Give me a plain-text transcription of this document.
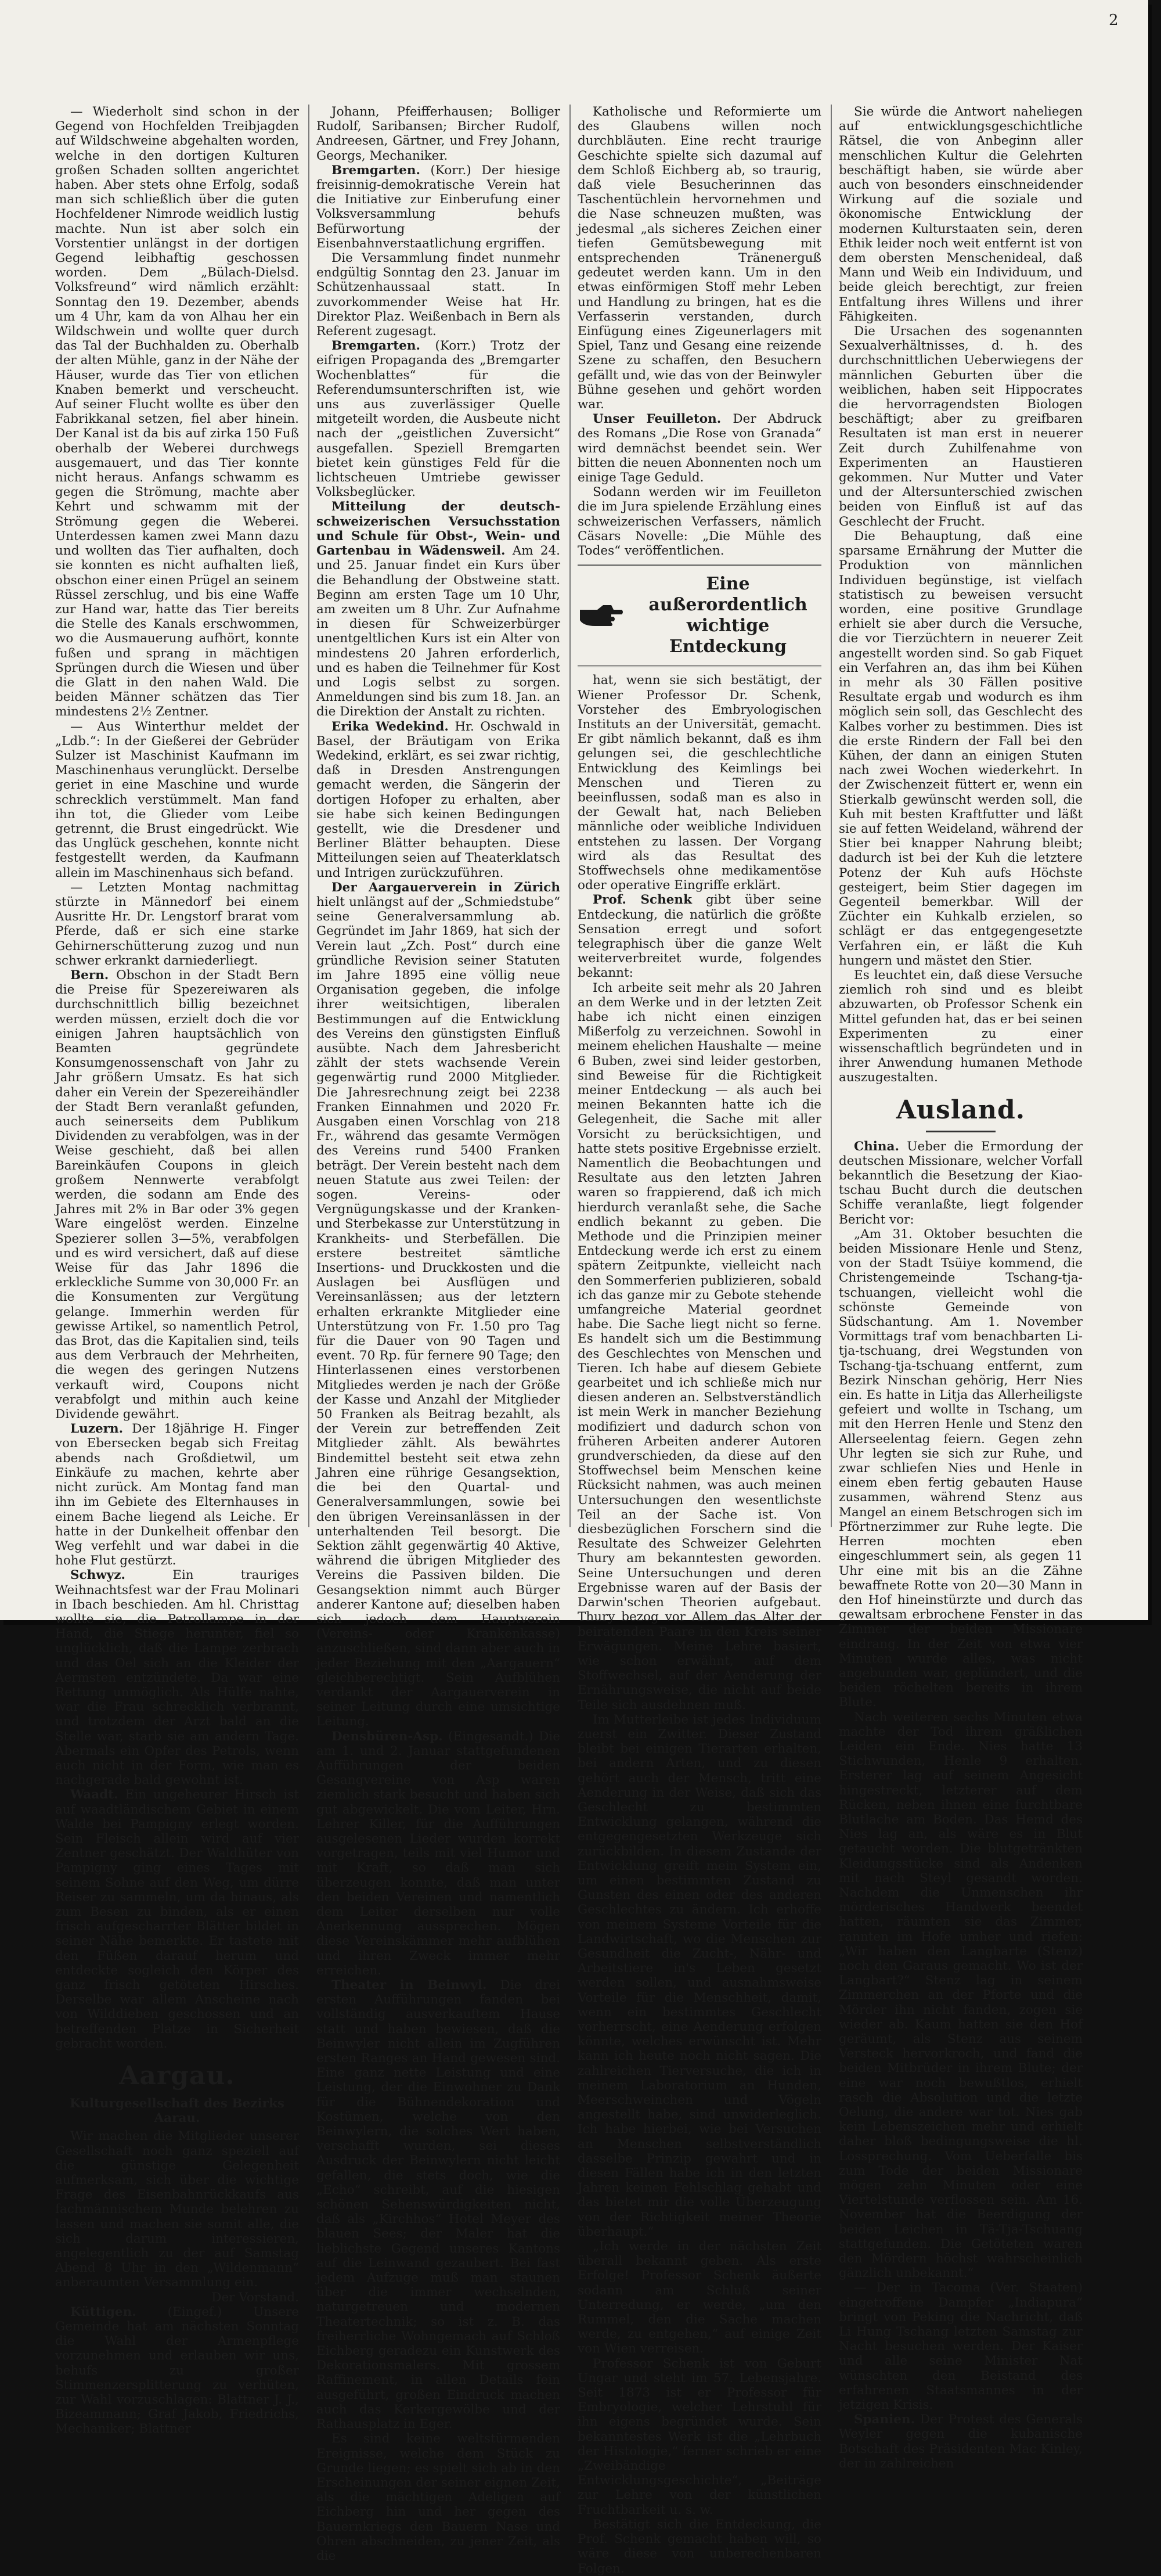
2

— Wiederholt sind schon in der Gegend von Hochfelden Treibjagden auf Wildschweine abgehalten worden, welche in den dortigen Kulturen großen Schaden sollten angerichtet haben. Aber stets ohne Erfolg, sodaß man sich schließlich über die guten Hochfeldener Nimrode weidlich lustig machte. Nun ist aber solch ein Vorstentier unlängst in der dortigen Gegend leibhaftig geschossen worden. Dem „Bülach-Dielsd. Volksfreund“ wird nämlich erzählt: Sonntag den 19. Dezember, abends um 4 Uhr, kam da von Alhau her ein Wildschwein und wollte quer durch das Tal der Buchhalden zu. Oberhalb der alten Mühle, ganz in der Nähe der Häuser, wurde das Tier von etlichen Knaben bemerkt und verscheucht. Auf seiner Flucht wollte es über den Fabrikkanal setzen, fiel aber hinein. Der Kanal ist da bis auf zirka 150 Fuß oberhalb der Weberei durchwegs ausgemauert, und das Tier konnte nicht heraus. Anfangs schwamm es gegen die Strömung, machte aber Kehrt und schwamm mit der Strömung gegen die Weberei. Unterdessen kamen zwei Mann dazu und wollten das Tier aufhalten, doch sie konnten es nicht aufhalten ließ, obschon einer einen Prügel an seinem Rüssel zerschlug, und bis eine Waffe zur Hand war, hatte das Tier bereits die Stelle des Kanals erschwommen, wo die Ausmauerung aufhört, konnte fußen und sprang in mächtigen Sprüngen durch die Wiesen und über die Glatt in den nahen Wald. Die beiden Männer schätzen das Tier mindestens 2½ Zentner.

— Aus Winterthur meldet der „Ldb.“: In der Gießerei der Gebrüder Sulzer ist Maschinist Kaufmann im Maschinenhaus verunglückt. Derselbe geriet in eine Maschine und wurde schrecklich verstümmelt. Man fand ihn tot, die Glieder vom Leibe getrennt, die Brust eingedrückt. Wie das Unglück geschehen, konnte nicht festgestellt werden, da Kaufmann allein im Maschinenhaus sich befand.

— Letzten Montag nachmittag stürzte in Männedorf bei einem Ausritte Hr. Dr. Lengstorf brarat vom Pferde, daß er sich eine starke Gehirnerschütterung zuzog und nun schwer erkrankt darniederliegt.

Bern. Obschon in der Stadt Bern die Preise für Spezereiwaren als durchschnittlich billig bezeichnet werden müssen, erzielt doch die vor einigen Jahren hauptsächlich von Beamten gegründete Konsumgenossenschaft von Jahr zu Jahr größern Umsatz. Es hat sich daher ein Verein der Spezereihändler der Stadt Bern veranlaßt gefunden, auch seinerseits dem Publikum Dividenden zu verabfolgen, was in der Weise geschieht, daß bei allen Bareinkäufen Coupons in gleich großem Nennwerte verabfolgt werden, die sodann am Ende des Jahres mit 2% in Bar oder 3% gegen Ware eingelöst werden. Einzelne Spezierer sollen 3—5%, verabfolgen und es wird versichert, daß auf diese Weise für das Jahr 1896 die erkleckliche Summe von 30,000 Fr. an die Konsumenten zur Vergütung gelange. Immerhin werden für gewisse Artikel, so namentlich Petrol, das Brot, das die Kapitalien sind, teils aus dem Verbrauch der Mehrheiten, die wegen des geringen Nutzens verkauft wird, Coupons nicht verabfolgt und mithin auch keine Dividende gewährt.

Luzern. Der 18jährige H. Finger von Ebersecken begab sich Freitag abends nach Großdietwil, um Einkäufe zu machen, kehrte aber nicht zurück. Am Montag fand man ihn im Gebiete des Elternhauses in einem Bache liegend als Leiche. Er hatte in der Dunkelheit offenbar den Weg verfehlt und war dabei in die hohe Flut gestürzt.

Schwyz.	Ein trauriges Weihnachtsfest war der Frau Molinari in Ibach beschieden. Am hl. Christtag wollte sie, die Petrollampe in der Hand, die Stiege herunter, fiel so unglücklich, daß die Lampe zerbrach und das Oel sich an die Kleider der Aermsten entzündete. Da war eine Rettung unmöglich. Als Hülfe nahte, war die Frau schrecklich verbrannt, und trotzdem der Arzt bald an die Stelle war, starb sie am andern Tage. Abermals ein Opfer des Petrols, wenn auch nicht in der Form, wie man es nachgerade bald gewohnt ist.

Waadt. Ein ungeheurer Hirsch ist auf waadtländischem Gebiet in einem Walde bei Pampigny erlegt worden. Sein Fleisch allein wird auf vier Zentner geschätzt. Der Waldhüter von Pampigny ging eines Tages mit seinem Sohne auf den Weg, um dürre Reiser zu sammeln, um da hinaus, als zum Besen zu binden, als er einen frisch aufgescharrter Blätter bildet in seiner Nähe bemerkte. Er tastete mit den Füßen darauf herum und entdeckte sogleich den Körper des ganz frisch getöteten Hirsches. Derselbe war allem Anscheine nach von Wilddieben geschossen und an betreffenden Platze in Sicherheit gebracht worden.

Aargau.
Kulturgesellschaft des Bezirks Aarau.

Wir machen die Mitglieder unserer Gesellschaft noch ganz speziell auf die günstige Gelegenheit aufmerksam, sich über die wichtige Frage des Eisenbahnrückkaufs aus fachmännischem Munde belehren zu lassen und machen sie somit alle, die sich darum interessieren, angelegentlich zu der auf Samstag Abend 8 Uhr in den „Wildenmann“ anberaumten Versammlung ein.

Der Vorstand.

Küttigen.	(Eingef.) Unsere Gemeinde hat am nächsten Sonntag die Wahl der Armenpflege vorzunehmen und erlauben wir uns, behufs zu großer Stimmenzersplitterung zu verhüten, zur Wahl vorzuschlagen: Blattner J. J., Bizeammann; Graf Jakob, Friedrichs, Mechaniker; Blattner

Johann, Pfeifferhausen; Bolliger Rudolf, Saribansen; Bircher Rudolf, Andreesen, Gärtner, und Frey Johann, Georgs, Mechaniker.

Bremgarten. (Korr.) Der hiesige freisinnig-demokratische Verein hat die Initiative zur Einberufung einer Volksversammlung behufs Befürwortung der Eisenbahnverstaatlichung ergriffen.

Die Versammlung findet nunmehr endgültig Sonntag den 23. Januar im Schützenhaussaal statt. In zuvorkommender Weise hat Hr. Direktor Plaz. Weißenbach in Bern als Referent zugesagt.

Bremgarten. (Korr.) Trotz der eifrigen Propaganda des „Bremgarter Wochenblattes“ für die Referendumsunterschriften ist, wie uns aus zuverlässiger Quelle mitgeteilt worden, die Ausbeute nicht nach der „geistlichen Zuversicht“ ausgefallen. Speziell Bremgarten bietet kein günstiges Feld für die lichtscheuen Umtriebe gewisser Volksbeglücker.

Mitteilung der deutsch-schweizerischen Versuchsstation und Schule für Obst-, Wein- und Gartenbau in Wädensweil. Am 24. und 25. Januar findet ein Kurs über die Behandlung der Obstweine statt. Beginn am ersten Tage um 10 Uhr, am zweiten um 8 Uhr. Zur Aufnahme in diesen für Schweizerbürger unentgeltlichen Kurs ist ein Alter von mindestens 20 Jahren erforderlich, und es haben die Teilnehmer für Kost und Logis selbst zu sorgen. Anmeldungen sind bis zum 18. Jan. an die Direktion der Anstalt zu richten.

Erika Wedekind. Hr. Oschwald in Basel, der Bräutigam von Erika Wedekind, erklärt, es sei zwar richtig, daß in Dresden Anstrengungen gemacht werden, die Sängerin der dortigen Hofoper zu erhalten, aber sie habe sich keinen Bedingungen gestellt, wie die Dresdener und Berliner Blätter behaupten. Diese Mitteilungen seien auf Theaterklatsch und Intrigen zurückzuführen.

Der Aargauerverein in Zürich hielt unlängst auf der „Schmiedstube“ seine Generalversammlung ab. Gegründet im Jahr 1869, hat sich der Verein laut „Zch. Post“ durch eine gründliche Revision seiner Statuten im Jahre 1895 eine völlig neue Organisation gegeben, die infolge ihrer weitsichtigen, liberalen Bestimmungen auf die Entwicklung des Vereins den günstigsten Einfluß ausübte. Nach dem Jahresbericht zählt der stets wachsende Verein gegenwärtig rund 2000 Mitglieder. Die Jahresrechnung zeigt bei 2238 Franken Einnahmen und 2020 Fr. Ausgaben einen Vorschlag von 218 Fr., während das gesamte Vermögen des Vereins rund 5400 Franken beträgt. Der Verein besteht nach dem neuen Statute aus zwei Teilen: der sogen. Vereins- oder Vergnügungskasse und der Kranken- und Sterbekasse zur Unterstützung in Krankheits- und Sterbefällen. Die erstere bestreitet sämtliche Insertions- und Druckkosten und die Auslagen bei Ausflügen und Vereinsanlässen; aus der letztern erhalten erkrankte Mitglieder eine Unterstützung von Fr. 1.50 pro Tag für die Dauer von 90 Tagen und event. 70 Rp. für fernere 90 Tage; den Hinterlassenen eines verstorbenen Mitgliedes werden je nach der Größe der Kasse und Anzahl der Mitglieder 50 Franken als Beitrag bezahlt, als der Verein zur betreffenden Zeit Mitglieder zählt. Als bewährtes Bindemittel besteht seit etwa zehn Jahren eine rührige Gesangsektion, die bei den Quartal- und Generalversammlungen, sowie bei den übrigen Vereinsanlässen in der unterhaltenden Teil besorgt. Die Sektion zählt gegenwärtig 40 Aktive, während die übrigen Mitglieder des Vereins die Passiven bilden. Die Gesangsektion nimmt auch Bürger anderer Kantone auf; dieselben haben sich jedoch dem Hauptverein (Vereins- oder Krankenkasse) anzuschließen, sind dann aber auch in jeder Beziehung mit den „Aargauern“ gleichberechtigt. Sein Aufblühen verdankt der Aargauerverein in seiner Leitung durch eine umsichtige Leitung.

Densbüren-Asp. (Eingesandt.) Die am 1. und 2. Januar stattgefundenen Aufführungen der beiden Gesangvereine von Asp waren ziemlich stark besucht und haben sich gut abgewickelt. Die vom Leiter, Hrn. Lehrer Killer, für die Aufführungen ausgelesenen Lieder wurden korrekt vorgetragen, teils mit viel Humor und mit Kraft, so daß man sich überzeugen konnte, daß man unter den beiden Vereinen und namentlich dem Leiter derselben nur volle Anerkennung aussprechen. Mögen diese Vereinskämmer mehr aufblühen und ihren Zweck immer mehr erreichen.

Theater in Beinwyl. Die drei ersten Aufführungen fanden bei vollständig ausverkauftem Hause statt und haben bewiesen, daß die Beinwyler nicht allein im Zugführen ersten Ranges an Hand gewesen sind. Eine ganz nette Leistung und eine Leistung, der die Einwohner zu Dank für die Bühnendekoration und Kostümen, welche von den Beinwylern, die solches Wert haben, verschafft wurden, sei dieses Ausdruck der Beinwylern nicht leicht gefallen, die stets doch, wie die „Echo“ schreibt, auf die hiesigen schönen Sehenswürdigkeiten nicht, daß als „Kirchhos“ Hotel Meyer des blauen Sees; der Maler hat die lieblichste Gegend unseres Kantons auf die Leinwand gezaubert. Bei fast jedem Aufzuge muß man staunen über die immer wechselnden, naturgetreuen und modernen Theatertechnik; so ist z. B. das freiherrliche Wohngemach auf Schloß Eichberg geradezu ein Kunstwerk des Dekorationsmalers. Mit grossem Raffinement, in allen Details fein ausgeführt, großen Eindruck machen auch das Kerkergewölbe und der Rathausplatz in Eger.

Es sind keine weltstürmenden Ereignisse, welche dem Stück zu Grunde liegen; es spielt sich ab in den Erscheinungen der seiner eignen Zeit, als die mächtigen Adeligen auf Eichberg hin und her gegen des Bauernkriegs den Bauern Nase und Ohren abschneiden, zu jener Zeit, als die

Katholische und Reformierte um des Glaubens willen noch durchbläuten. Eine recht traurige Geschichte spielte sich dazumal auf dem Schloß Eichberg ab, so traurig, daß viele Besucherinnen das Taschentüchlein hervornehmen und die Nase schneuzen mußten, was jedesmal „als sicheres Zeichen einer tiefen Gemütsbewegung mit entsprechenden Tränenerguß gedeutet werden kann. Um in den etwas einförmigen Stoff mehr Leben und Handlung zu bringen, hat es die Verfasserin verstanden, durch Einfügung eines Zigeunerlagers mit Spiel, Tanz und Gesang eine reizende Szene zu schaffen, den Besuchern gefällt und, wie das von der Beinwyler Bühne gesehen und gehört worden war.

Unser Feuilleton. Der Abdruck des Romans „Die Rose von Granada“ wird demnächst beendet sein. Wer bitten die neuen Abonnenten noch um einige Tage Geduld.

Sodann werden wir im Feuilleton die im Jura spielende Erzählung eines schweizerischen Verfassers, nämlich Cäsars Novelle: „Die Mühle des Todes“ veröffentlichen.

Eine außerordentlich wichtige Entdeckung

hat, wenn sie sich bestätigt, der Wiener Professor Dr. Schenk, Vorsteher des Embryologischen Instituts an der Universität, gemacht. Er gibt nämlich bekannt, daß es ihm gelungen sei, die geschlechtliche Entwicklung des Keimlings bei Menschen und Tieren zu beeinflussen, sodaß man es also in der Gewalt hat, nach Belieben männliche oder weibliche Individuen entstehen zu lassen. Der Vorgang wird als das Resultat des Stoffwechsels ohne medikamentöse oder operative Eingriffe erklärt.

Prof. Schenk gibt über seine Entdeckung, die natürlich die größte Sensation erregt und sofort telegraphisch über die ganze Welt weiterverbreitet wurde, folgendes bekannt:

Ich arbeite seit mehr als 20 Jahren an dem Werke und in der letzten Zeit habe ich nicht einen einzigen Mißerfolg zu verzeichnen. Sowohl in meinem ehelichen Haushalte — meine 6 Buben, zwei sind leider gestorben, sind Beweise für die Richtigkeit meiner Entdeckung — als auch bei meinen Bekannten hatte ich die Gelegenheit, die Sache mit aller Vorsicht zu berücksichtigen, und hatte stets positive Ergebnisse erzielt. Namentlich die Beobachtungen und Resultate aus den letzten Jahren waren so frappierend, daß ich mich hierdurch veranlaßt sehe, die Sache endlich bekannt zu geben. Die Methode und die Prinzipien meiner Entdeckung werde ich erst zu einem spätern Zeitpunkte, vielleicht nach den Sommerferien publizieren, sobald ich das ganze mir zu Gebote stehende umfangreiche Material geordnet habe. Die Sache liegt nicht so ferne. Es handelt sich um die Bestimmung des Geschlechtes von Menschen und Tieren. Ich habe auf diesem Gebiete gearbeitet und ich schließe mich nur diesen anderen an. Selbstverständlich ist mein Werk in mancher Beziehung modifiziert und dadurch schon von früheren Arbeiten anderer Autoren grundverschieden, da diese auf den Stoffwechsel beim Menschen keine Rücksicht nahmen, was auch meinen Untersuchungen den wesentlichste Teil an der Sache ist. Von diesbezüglichen Forschern sind die Resultate des Schweizer Gelehrten Thury am bekanntesten geworden. Seine Untersuchungen und deren Ergebnisse waren auf der Basis der Darwin'schen Theorien aufgebaut. Thury bezog vor Allem das Alter der beiratenden Paare in den Kreis seiner Erwägungen. Meine Lehre basiert, wie schon erwähnt, auf dem Stoffwechsel, auf der Aenderung der Ernährungsweise, die nicht auf beide Teile sich ausdehnen muß.

Im Mutterleibe ist jedes Individuum zuerst ein Zwitter. Dieser Zustand bleibt bei einigen Tierarten erhalten, bei andern Arten, und zu diesen gehört auch der Mensch, tritt eine Aenderung in der Weise, daß sich das Geschlecht zu bestimmten Entwicklung gelangen, während die entgegengesetzten Werkzeuge sich zurückbilden. In diesem Zustande der Entwicklung greift mein System ein, um einen bestimmten Zustand zu Gunsten des einen oder des anderen Geschlechtes zu ändern. Ich erhoffe von meinem Systeme Vorteile für die Landwirtschaft, wo die Menschen zur Gesundheit die Zucht-, Nähr- und Arbeitstiere in's Leben gesetzt werden sollen, und ausnahmsweise Vorteile für die Menschheit, damit, wenn ein bestimmtes Geschlecht vorherrscht, eine Aenderung erfolgen könnte, welches erwünscht ist. Mehr kann ich heute noch nicht sagen. Die zahlreichen Tierversuche, die ich in meinem Laboratorium an Hunden, Meerschweinchen und Vögeln angestellt habe, sind unwiderleglich. Ich habe hierbei, wie bei Versuchen an Menschen selbstverständlich dasselbe Prinzip gewahrt und in diesen Fällen habe ich in den letzten Jahren keinen Fehlschlag gehabt und das bietet mir die volle Überzeugung von der Richtigkeit meiner Theorie überhaupt.“

„Ich werde in der nächsten Zeit überall bekannt geben. Als erste Erfolge! Professor Schenk äußerte sodann am Schluß seiner Unterredung, er werde, „um den Rummel, den die Sache machen werde, zu entgehen,“ auf einige Zeit von Wien verreisen.

Professor Schenk ist von Geburt Ungar und steht im 57. Lebensjahre. Seit 1873 ist er Professor für Embryologie, welcher Lehrstuhl für ihn eigens begründet wurde. Sein bekanntestes Werk ist die „Lehrbuch der Histologie,“ ferner schrieb er eine „Zweibändige Entwicklungsgeschichte“, „Beiträge zur Lehre von der künstlichen Fruchtbarkeit u. s. w.

Bestätigt sich die Entdeckung, die Prof. Schenk gemacht haben will, so wäre diese von unberechenbaren Folgen.

Sie würde die Antwort naheliegen auf entwicklungsgeschichtliche Rätsel, die von Anbeginn aller menschlichen Kultur die Gelehrten beschäftigt haben, sie würde aber auch von besonders einschneidender Wirkung auf die soziale und ökonomische Entwicklung der modernen Kulturstaaten sein, deren Ethik leider noch weit entfernt ist von dem obersten Menschenideal, daß Mann und Weib ein Individuum, und beide gleich berechtigt, zur freien Entfaltung ihres Willens und ihrer Fähigkeiten.

Die Ursachen des sogenannten Sexualverhältnisses, d. h. des durchschnittlichen Ueberwiegens der männlichen Geburten über die weiblichen, haben seit Hippocrates die hervorragendsten Biologen beschäftigt; aber zu greifbaren Resultaten ist man erst in neuerer Zeit durch Zuhilfenahme von Experimenten an Haustieren gekommen. Nur Mutter und Vater und der Altersunterschied zwischen beiden von Einfluß ist auf das Geschlecht der Frucht.

Die Behauptung, daß eine sparsame Ernährung der Mutter die Produktion von männlichen Individuen begünstige, ist vielfach statistisch zu beweisen versucht worden, eine positive Grundlage erhielt sie aber durch die Versuche, die vor Tierzüchtern in neuerer Zeit angestellt worden sind. So gab Fiquet ein Verfahren an, das ihm bei Kühen in mehr als 30 Fällen positive Resultate ergab und wodurch es ihm möglich sein soll, das Geschlecht des Kalbes vorher zu bestimmen. Dies ist die erste Rindern der Fall bei den Kühen, der dann an einigen Stuten nach zwei Wochen wiederkehrt. In der Zwischenzeit füttert er, wenn ein Stierkalb gewünscht werden soll, die Kuh mit besten Kraftfutter und läßt sie auf fetten Weideland, während der Stier bei knapper Nahrung bleibt; dadurch ist bei der Kuh die letztere Potenz der Kuh aufs Höchste gesteigert, beim Stier dagegen im Gegenteil bemerkbar. Will der Züchter ein Kuhkalb erzielen, so schlägt er das entgegengesetzte Verfahren ein, er läßt die Kuh hungern und mästet den Stier.

Es leuchtet ein, daß diese Versuche ziemlich roh sind und es bleibt abzuwarten, ob Professor Schenk ein Mittel gefunden hat, das er bei seinen Experimenten zu einer wissenschaftlich begründeten und in ihrer Anwendung humanen Methode auszugestalten.

Ausland.

China. Ueber die Ermordung der deutschen Missionare, welcher Vorfall bekanntlich die Besetzung der Kiao-tschau Bucht durch die deutschen Schiffe veranlaßte, liegt folgender Bericht vor:

„Am 31. Oktober besuchten die beiden Missionare Henle und Stenz, von der Stadt Tsüiye kommend, die Christengemeinde Tschang-tja-tschuangen, vielleicht wohl die schönste Gemeinde von Südschantung. Am 1. November Vormittags traf vom benachbarten Li-tja-tschuang, drei Wegstunden von Tschang-tja-tschuang entfernt, zum Bezirk Ninschan gehörig, Herr Nies ein. Es hatte in Litja das Allerheiligste gefeiert und wollte in Tschang, um mit den Herren Henle und Stenz den Allerseelentag feiern. Gegen zehn Uhr legten sie sich zur Ruhe, und zwar schliefen Nies und Henle in einem eben fertig gebauten Hause zusammen, während Stenz aus Mangel an einem Betschrogen sich im Pförtnerzimmer zur Ruhe legte. Die Herren mochten eben eingeschlummert sein, als gegen 11 Uhr eine mit bis an die Zähne bewaffnete Rotte von 20—30 Mann in den Hof hineinstürzte und durch das gewaltsam erbrochene Fenster in das Zimmer der beiden Missionare eindrang. In der Zeit von etwa vier Minuten wurde alles, was nicht angebunden war, geplündert, und die beiden röchelten bereits in ihrem Blute.

Nach weiteren sechs Minuten etwa machte der Tod ihrem gräßlichen Leiden ein Ende. Nies hatte 13 Stichwunden, Henle 9 erhalten. Ersterer lag auf seinem Angesicht hingestreckt, letzterer auf dem Rücken, neben ihnen eine furchtbare Blutlache am Boden. Das Hemd des Nies lag an, als wäre es in Blut getaucht worden. Die blutgetränkten Kleidungsstücke sind als Andenken mit nach Steyl gesandt worden. Nachdem die Unmenschen ihr mörderisches Handwerk beendet hatten, räumten sie das Zimmer, rannten im Hofe umher und riefen: „Wir haben den Langbarte (Stenz) noch den Garaus gemacht. Wo ist der Langbart?“ Stenz lag in seinem Zimmerchen an der Pforte und die Mörder ihn nicht fanden, zogen sie wieder ab. Kaum hatten sie den Hof geräumt, als Stenz aus seinem Versteck hervorkroch, und fand die beiden Mitbrüder in ihrem Blute; der eine war noch bewußtlos, erhielt rasch die Absolution und die letzte Oelung, die andere war tot. Nies gab kein Lebenszeichen mehr und erhielt daher bloß bedingungsweise die hl. Lossprechung. Vom Ueberfalle bis zum Tode der beiden Missionare mögen zehn Minuten oder eine Viertelstunde verflossen sein. Am 16. November hat die Beerdigung der beiden Leichen in Tä-Tja-Tschuang stattgefunden. Die Getöteten waren den Mördern höchst wahrscheinlich gänzlich unbekannt.“

— Der in Tacoma (Ver. Staaten) eingetroffene Dampfer „Indiapura“ bringt von Peking die Nachricht, daß Li Hung Tschang letzten Samstag zur Nacht besuchen werden. Der Kaiser und alle seine Minister Nat wünschten den Beistand des erfahrenen Staatsmannes in der jetzigen Krisis.

Spanien. Der Protest des Generals Weyler gegen die kubanische Botschaft des Präsidenten Mac Kinley, der in zahlreichen
